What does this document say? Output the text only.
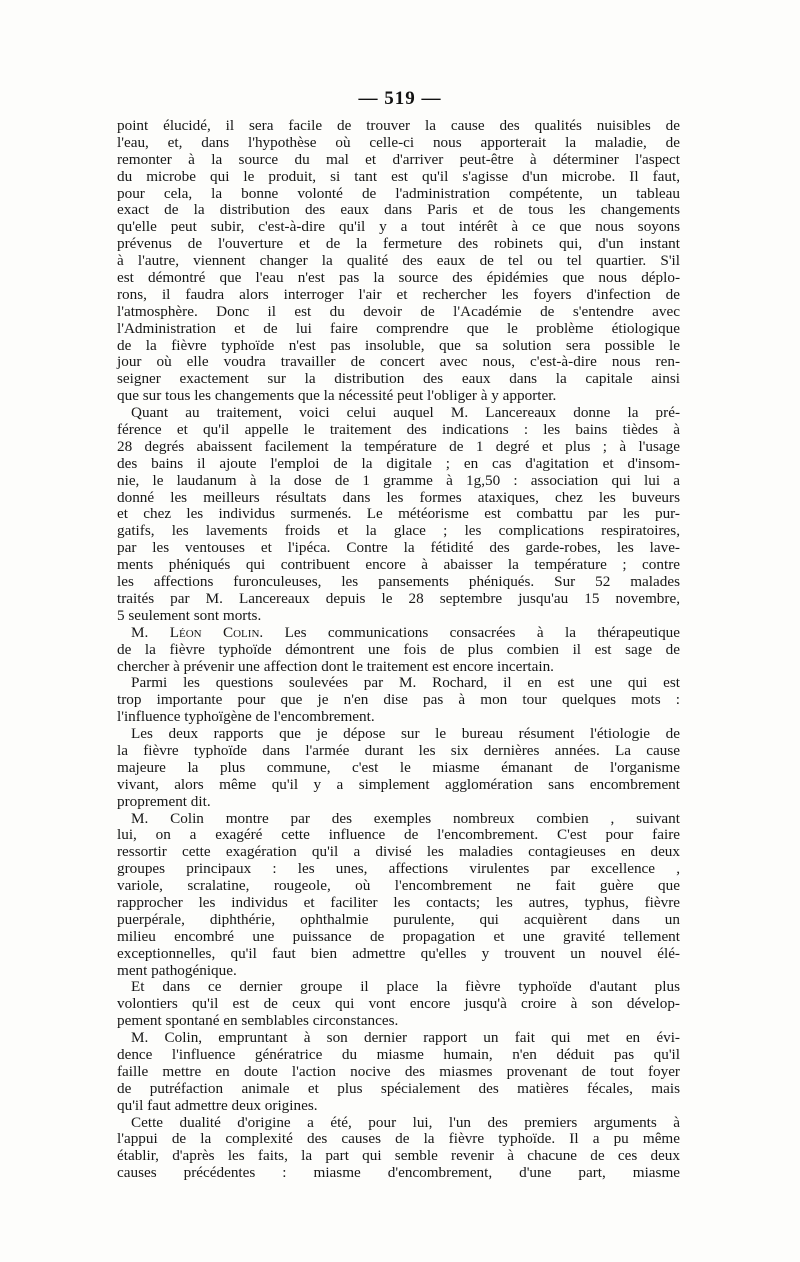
— 519 —
point élucidé, il sera facile de trouver la cause des qualités nuisibles de
l'eau, et, dans l'hypothèse où celle-ci nous apporterait la maladie, de
remonter à la source du mal et d'arriver peut-être à déterminer l'aspect
du microbe qui le produit, si tant est qu'il s'agisse d'un microbe. Il faut,
pour cela, la bonne volonté de l'administration compétente, un tableau
exact de la distribution des eaux dans Paris et de tous les changements
qu'elle peut subir, c'est-à-dire qu'il y a tout intérêt à ce que nous soyons
prévenus de l'ouverture et de la fermeture des robinets qui, d'un instant
à l'autre, viennent changer la qualité des eaux de tel ou tel quartier. S'il
est démontré que l'eau n'est pas la source des épidémies que nous déplo-
rons, il faudra alors interroger l'air et rechercher les foyers d'infection de
l'atmosphère. Donc il est du devoir de l'Académie de s'entendre avec
l'Administration et de lui faire comprendre que le problème étiologique
de la fièvre typhoïde n'est pas insoluble, que sa solution sera possible le
jour où elle voudra travailler de concert avec nous, c'est-à-dire nous ren-
seigner exactement sur la distribution des eaux dans la capitale ainsi
que sur tous les changements que la nécessité peut l'obliger à y apporter.
Quant au traitement, voici celui auquel M. Lancereaux donne la pré-
férence et qu'il appelle le traitement des indications : les bains tièdes à
28 degrés abaissent facilement la température de 1 degré et plus ; à l'usage
des bains il ajoute l'emploi de la digitale ; en cas d'agitation et d'insom-
nie, le laudanum à la dose de 1 gramme à 1g,50 : association qui lui a
donné les meilleurs résultats dans les formes ataxiques, chez les buveurs
et chez les individus surmenés. Le météorisme est combattu par les pur-
gatifs, les lavements froids et la glace ; les complications respiratoires,
par les ventouses et l'ipéca. Contre la fétidité des garde-robes, les lave-
ments phéniqués qui contribuent encore à abaisser la température ; contre
les affections furonculeuses, les pansements phéniqués. Sur 52 malades
traités par M. Lancereaux depuis le 28 septembre jusqu'au 15 novembre,
5 seulement sont morts.
M. Léon Colin. Les communications consacrées à la thérapeutique
de la fièvre typhoïde démontrent une fois de plus combien il est sage de
chercher à prévenir une affection dont le traitement est encore incertain.
Parmi les questions soulevées par M. Rochard, il en est une qui est
trop importante pour que je n'en dise pas à mon tour quelques mots :
l'influence typhoïgène de l'encombrement.
Les deux rapports que je dépose sur le bureau résument l'étiologie de
la fièvre typhoïde dans l'armée durant les six dernières années. La cause
majeure la plus commune, c'est le miasme émanant de l'organisme
vivant, alors même qu'il y a simplement agglomération sans encombrement
proprement dit.
M. Colin montre par des exemples nombreux combien , suivant
lui, on a exagéré cette influence de l'encombrement. C'est pour faire
ressortir cette exagération qu'il a divisé les maladies contagieuses en deux
groupes principaux : les unes, affections virulentes par excellence ,
variole, scralatine, rougeole, où l'encombrement ne fait guère que
rapprocher les individus et faciliter les contacts; les autres, typhus, fièvre
puerpérale, diphthérie, ophthalmie purulente, qui acquièrent dans un
milieu encombré une puissance de propagation et une gravité tellement
exceptionnelles, qu'il faut bien admettre qu'elles y trouvent un nouvel élé-
ment pathogénique.
Et dans ce dernier groupe il place la fièvre typhoïde d'autant plus
volontiers qu'il est de ceux qui vont encore jusqu'à croire à son dévelop-
pement spontané en semblables circonstances.
M. Colin, empruntant à son dernier rapport un fait qui met en évi-
dence l'influence génératrice du miasme humain, n'en déduit pas qu'il
faille mettre en doute l'action nocive des miasmes provenant de tout foyer
de putréfaction animale et plus spécialement des matières fécales, mais
qu'il faut admettre deux origines.
Cette dualité d'origine a été, pour lui, l'un des premiers arguments à
l'appui de la complexité des causes de la fièvre typhoïde. Il a pu même
établir, d'après les faits, la part qui semble revenir à chacune de ces deux
causes précédentes : miasme d'encombrement, d'une part, miasme
